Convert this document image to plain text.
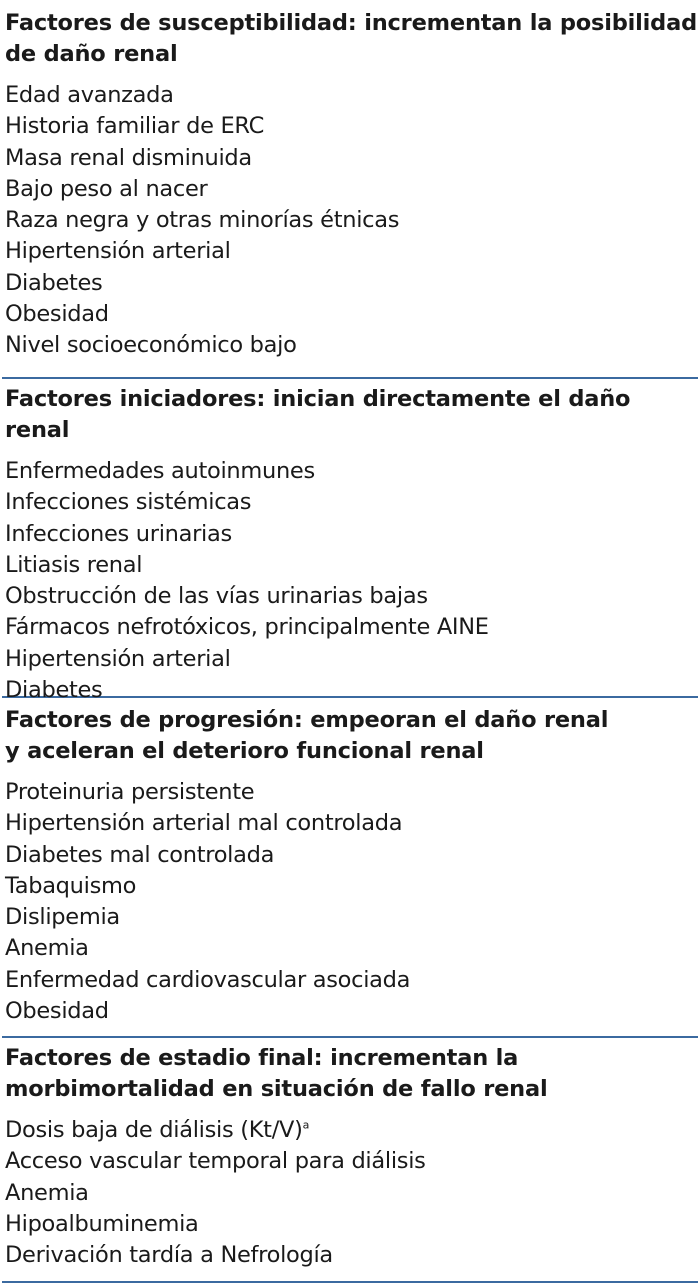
Factores de susceptibilidad: incrementan la posibilidad
de daño renal
Edad avanzada
Historia familiar de ERC
Masa renal disminuida
Bajo peso al nacer
Raza negra y otras minorías étnicas
Hipertensión arterial
Diabetes
Obesidad
Nivel socioeconómico bajo
Factores iniciadores: inician directamente el daño renal
Enfermedades autoinmunes
Infecciones sistémicas
Infecciones urinarias
Litiasis renal
Obstrucción de las vías urinarias bajas
Fármacos nefrotóxicos, principalmente AINE
Hipertensión arterial
Diabetes
Factores de progresión: empeoran el daño renal
y aceleran el deterioro funcional renal
Proteinuria persistente
Hipertensión arterial mal controlada
Diabetes mal controlada
Tabaquismo
Dislipemia
Anemia
Enfermedad cardiovascular asociada
Obesidad
Factores de estadio final: incrementan la
morbimortalidad en situación de fallo renal
Dosis baja de diálisis $(Kt/V)^a$
Acceso vascular temporal para diálisis
Anemia
Hipoalbuminemia
Derivación tardía a Nefrología
